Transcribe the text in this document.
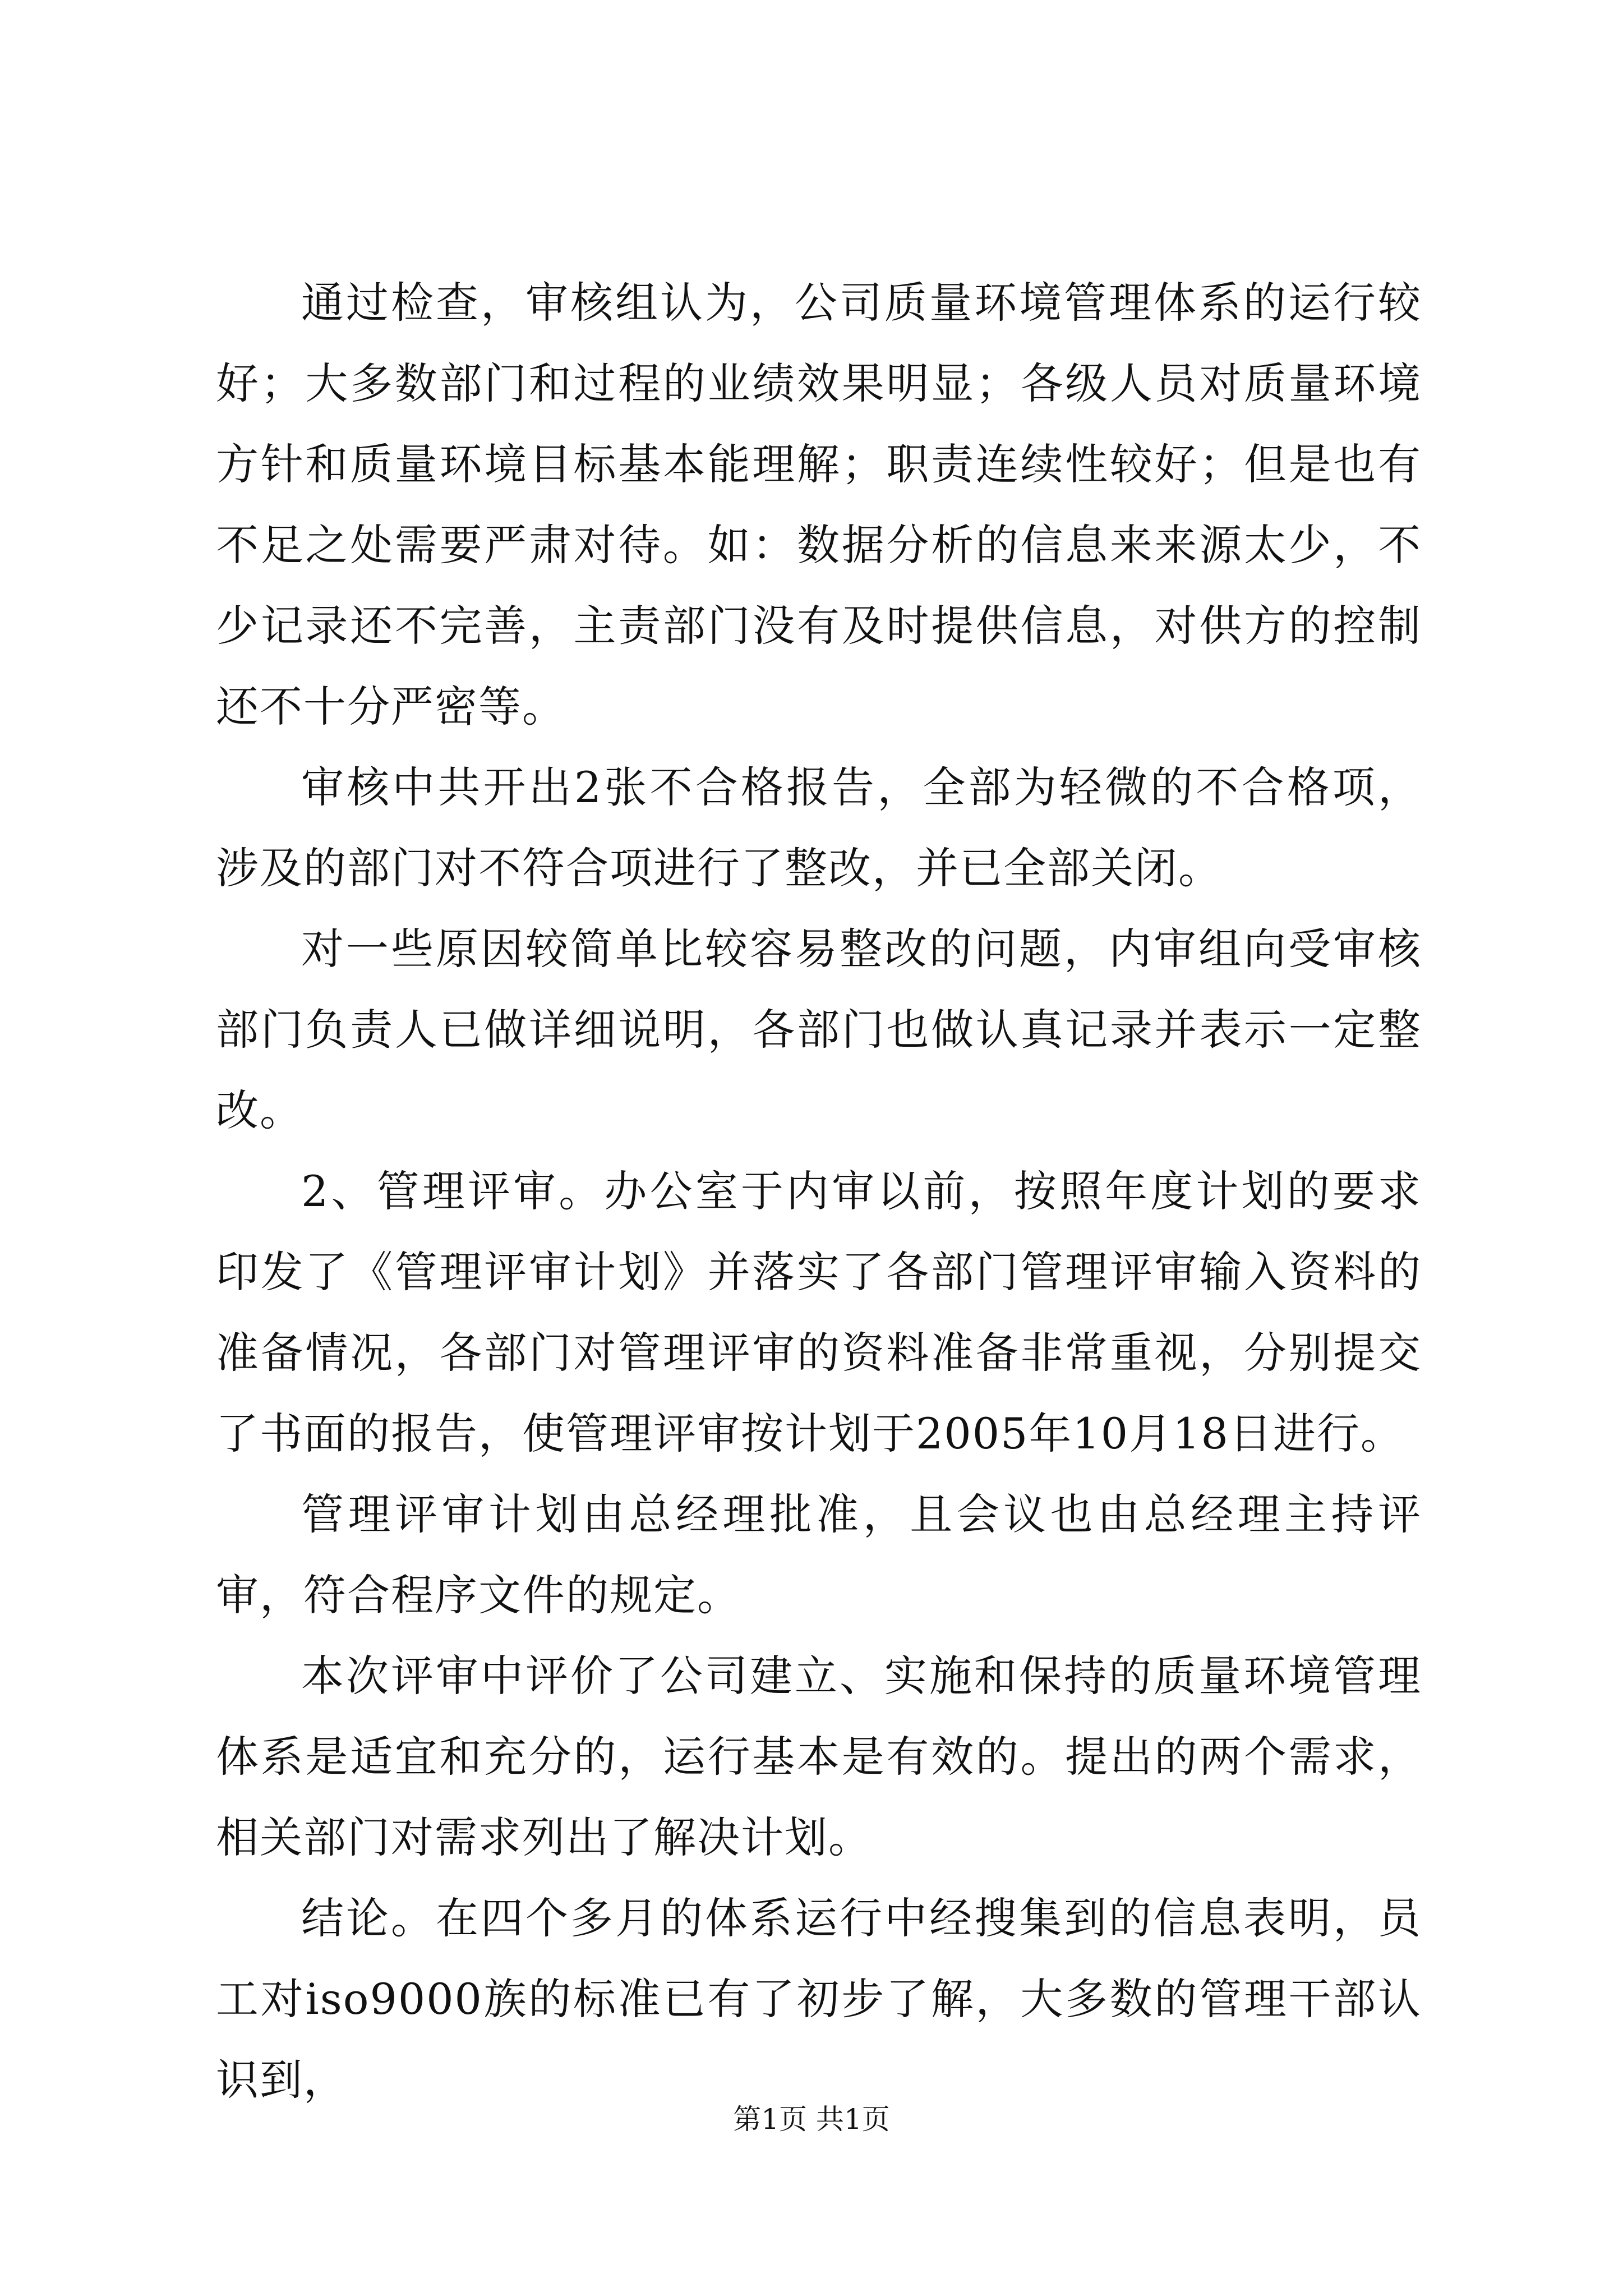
通过检查，审核组认为，公司质量环境管理体系的运行较好；大多数部门和过程的业绩效果明显；各级人员对质量环境方针和质量环境目标基本能理解；职责连续性较好；但是也有不足之处需要严肃对待。如：数据分析的信息来来源太少，不少记录还不完善，主责部门没有及时提供信息，对供方的控制还不十分严密等。

审核中共开出2张不合格报告，全部为轻微的不合格项，涉及的部门对不符合项进行了整改，并已全部关闭。

对一些原因较简单比较容易整改的问题，内审组向受审核部门负责人已做详细说明，各部门也做认真记录并表示一定整改。

2、管理评审。办公室于内审以前，按照年度计划的要求印发了《管理评审计划》并落实了各部门管理评审输入资料的准备情况，各部门对管理评审的资料准备非常重视，分别提交了书面的报告，使管理评审按计划于2005年10月18日进行。

管理评审计划由总经理批准，且会议也由总经理主持评审，符合程序文件的规定。

本次评审中评价了公司建立、实施和保持的质量环境管理体系是适宜和充分的，运行基本是有效的。提出的两个需求，相关部门对需求列出了解决计划。

结论。在四个多月的体系运行中经搜集到的信息表明，员工对iso9000族的标准已有了初步了解，大多数的管理干部认识到，

第1页 共1页
